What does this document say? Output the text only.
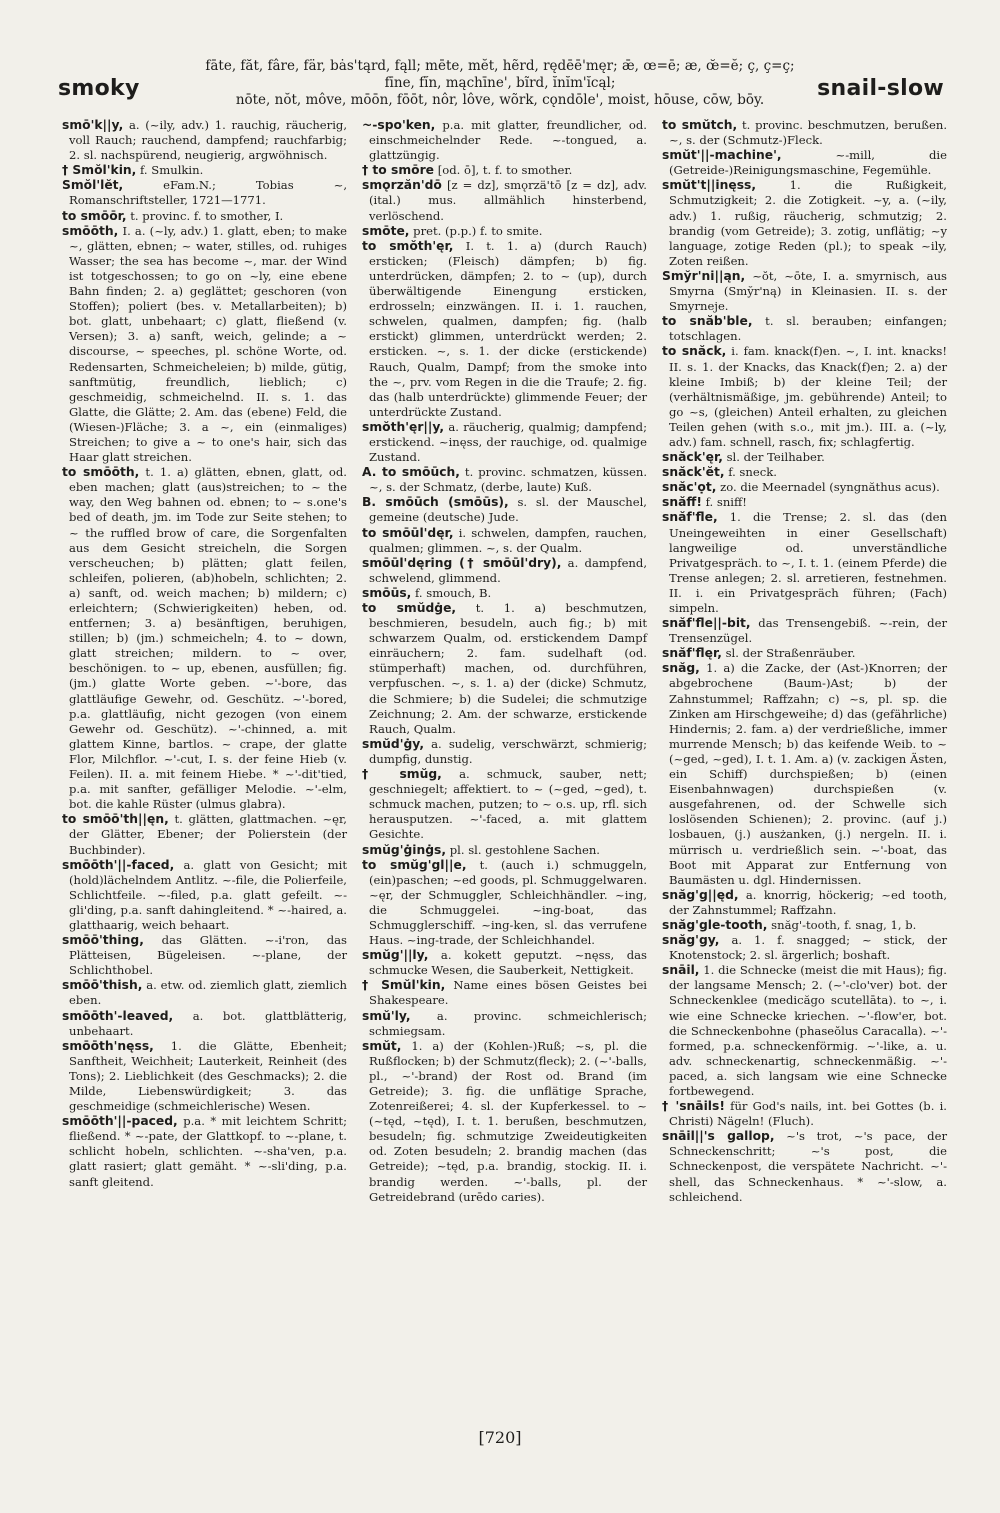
smoky
fāte, făt, fâre, fär, bȧs'tąrd, fąll; mēte, mĕt, hẽrd, rędēē'męr; ǣ, œ=ē; æ, œ̆=ĕ; ç, ç=ç;
fīne, fĭn, mąchīne', bĩrd, ĭnĭm'ĭcąl;
nōte, nŏt, môve, mōōn, fōōt, nôr, lôve, wõrk, cǫndōle', moist, hōuse, cōw, bōy.	snail-slow
smō'k||y, a. (~ily, adv.) 1. rauchig, räucherig, voll Rauch; rauchend, dampfend; rauchfarbig; 2. sl. nachspürend, neugierig, argwöhnisch.
† Smŏl'kin, f. Smulkin.
Smŏl'lĕt,	eFam.N.; Tobias ~, Romanschriftsteller, 1721—1771.
to smōōr, t. provinc. f. to smother, I.
smōōth, I. a. (~ly, adv.) 1. glatt, eben; to make ~, glätten, ebnen; ~ water, stilles, od. ruhiges Wasser; the sea has become ~, mar. der Wind ist totgeschossen; to go on ~ly, eine ebene Bahn finden; 2. a) geglättet; geschoren (von Stoffen); poliert (bes. v. Metallarbeiten); b) bot. glatt, unbehaart; c) glatt, fließend (v. Versen); 3. a) sanft, weich, gelinde; a ~ discourse, ~ speeches, pl. schöne Worte, od. Redensarten, Schmeicheleien; b) milde, gütig, sanftmütig, freundlich, lieblich; c) geschmeidig, schmeichelnd. II. s. 1. das Glatte, die Glätte; 2. Am. das (ebene) Feld, die (Wiesen-)Fläche; 3. a ~, ein (einmaliges) Streichen; to give a ~ to one's hair, sich das Haar glatt streichen.
to smōōth, t. 1. a) glätten, ebnen, glatt, od. eben machen; glatt (aus)streichen; to ~ the way, den Weg bahnen od. ebnen; to ~ s.one's bed of death, jm. im Tode zur Seite stehen; to ~ the ruffled brow of care, die Sorgenfalten aus dem Gesicht streicheln, die Sorgen verscheuchen; b) plätten; glatt feilen, schleifen, polieren, (ab)hobeln, schlichten; 2. a) sanft, od. weich machen; b) mildern; c) erleichtern; (Schwierigkeiten) heben, od. entfernen; 3. a) besänftigen, beruhigen, stillen; b) (jm.) schmeicheln; 4. to ~ down, glatt streichen; mildern. to ~ over, beschönigen. to ~ up, ebenen, ausfüllen; fig. (jm.) glatte Worte geben. ~'-bore, das glattläufige Gewehr, od. Geschütz. ~'-bored, p.a. glattläufig, nicht gezogen (von einem Gewehr od. Geschütz). ~'-chinned, a. mit glattem Kinne, bartlos. ~ crape, der glatte Flor, Milchflor. ~'-cut, I. s. der feine Hieb (v. Feilen). II. a. mit feinem Hiebe. * ~'-dit'tied, p.a. mit sanfter, gefälliger Melodie. ~'-elm, bot. die kahle Rüster (ulmus glabra).
to smōō'th||ęn, t. glätten, glattmachen. ~ęr, der Glätter, Ebener; der Polierstein (der Buchbinder).
smōōth'||-faced, a. glatt von Gesicht; mit (hold)lächelndem Antlitz. ~-file, die Polierfeile, Schlichtfeile. ~-filed, p.a. glatt gefeilt. ~-gli'ding, p.a. sanft dahingleitend. * ~-haired, a. glatthaarig, weich behaart.
smōō'thing, das Glätten. ~-i'ron, das Plätteisen, Bügeleisen. ~-plane, der Schlichthobel.
smōō'thish, a. etw. od. ziemlich glatt, ziemlich eben.
smōōth'-leaved, a. bot. glattblätterig, unbehaart.
smōōth'nęss, 1. die Glätte, Ebenheit; Sanftheit, Weichheit; Lauterkeit, Reinheit (des Tons); 2. Lieblichkeit (des Geschmacks); 2. die Milde, Liebenswürdigkeit; 3. das geschmeidige (schmeichlerische) Wesen.
smōōth'||-paced, p.a. * mit leichtem Schritt; fließend. * ~-pate, der Glattkopf. to ~-plane, t. schlicht hobeln, schlichten. ~-sha'ven, p.a. glatt rasiert; glatt gemäht. * ~-sli'ding, p.a. sanft gleitend.
~-spo'ken, p.a. mit glatter, freundlicher, od. einschmeichelnder Rede. ~-tongued, a. glattzüngig.
† to smōre [od. ō], t. f. to smother.
smǫrzăn'dō [z = dz], smǫrzä'tō [z = dz], adv. (ital.) mus. allmählich hinsterbend, verlöschend.
smōte, pret. (p.p.) f. to smite.
to smŏth'ęr, I. t. 1. a) (durch Rauch) ersticken; (Fleisch) dämpfen; b) fig. unterdrücken, dämpfen; 2. to ~ (up), durch überwältigende Einengung ersticken, erdrosseln; einzwängen. II. i. 1. rauchen, schwelen, qualmen, dampfen; fig. (halb erstickt) glimmen, unterdrückt werden; 2. ersticken. ~, s. 1. der dicke (erstickende) Rauch, Qualm, Dampf; from the smoke into the ~, prv. vom Regen in die die Traufe; 2. fig. das (halb unterdrückte) glimmende Feuer; der unterdrückte Zustand.
smŏth'ęr||y, a. räucherig, qualmig; dampfend; erstickend. ~inęss, der rauchige, od. qualmige Zustand.
A. to smōūch, t. provinc. schmatzen, küssen. ~, s. der Schmatz, (derbe, laute) Kuß.
B. smōūch (smōūs), s. sl. der Mauschel, gemeine (deutsche) Jude.
to smōūl'dęr, i. schwelen, dampfen, rauchen, qualmen; glimmen. ~, s. der Qualm.
smōūl'dęring († smōūl'dry), a. dampfend, schwelend, glimmend.
smōūs, f. smouch, B.
to smŭdġe, t. 1. a) beschmutzen, beschmieren, besudeln, auch fig.; b) mit schwarzem Qualm, od. erstickendem Dampf einräuchern; 2. fam. sudelhaft (od. stümperhaft) machen, od. durchführen, verpfuschen. ~, s. 1. a) der (dicke) Schmutz, die Schmiere; b) die Sudelei; die schmutzige Zeichnung; 2. Am. der schwarze, erstickende Rauch, Qualm.
smŭd'ġy, a. sudelig, verschwärzt, schmierig; dumpfig, dunstig.
† smŭg, a. schmuck, sauber, nett; geschniegelt; affektiert. to ~ (~ged, ~ged), t. schmuck machen, putzen; to ~ o.s. up, rfl. sich herausputzen. ~'-faced, a. mit glattem Gesichte.
smŭg'ġinġs, pl. sl. gestohlene Sachen.
to smŭg'gl||e, t. (auch i.) schmuggeln, (ein)paschen; ~ed goods, pl. Schmuggelwaren. ~ęr, der Schmuggler, Schleichhändler. ~ing, die Schmuggelei. ~ing-boat, das Schmugglerschiff. ~ing-ken, sl. das verrufene Haus. ~ing-trade, der Schleichhandel.
smŭg'||ly, a. kokett geputzt. ~nęss, das schmucke Wesen, die Sauberkeit, Nettigkeit.
† Smŭl'kin, Name eines bösen Geistes bei Shakespeare.
smŭ'ly, a. provinc. schmeichlerisch; schmiegsam.
smŭt, 1. a) der (Kohlen-)Ruß; ~s, pl. die Rußflocken; b) der Schmutz(fleck); 2. (~'-balls, pl., ~'-brand) der Rost od. Brand (im Getreide); 3. fig. die unflätige Sprache, Zotenreißerei; 4. sl. der Kupferkessel. to ~ (~tęd, ~tęd), I. t. 1. berußen, beschmutzen, besudeln; fig. schmutzige Zweideutigkeiten od. Zoten besudeln; 2. brandig machen (das Getreide); ~tęd, p.a. brandig, stockig. II. i. brandig werden. ~'-balls, pl. der Getreidebrand (urēdo caries).
to smŭtch, t. provinc. beschmutzen, berußen. ~, s. der (Schmutz-)Fleck.
smŭt'||-machine',	~-mill, die (Getreide-)Reinigungsmaschine, Fegemühle.
smŭt't||inęss,	1. die Rußigkeit, Schmutzigkeit; 2. die Zotigkeit. ~y, a. (~ily, adv.) 1. rußig, räucherig, schmutzig; 2. brandig (vom Getreide); 3. zotig, unflätig; ~y language, zotige Reden (pl.); to speak ~ily, Zoten reißen.
Smy̆r'ni||ąn, ~ŏt, ~ōte, I. a. smyrnisch, aus Smyrna (Smy̆r'ną) in Kleinasien. II. s. der Smyrneje.
to snăb'ble, t. sl. berauben; einfangen; totschlagen.
to snăck, i. fam. knack(f)en. ~, I. int. knacks! II. s. 1. der Knacks, das Knack(f)en; 2. a) der kleine Imbiß; b) der kleine Teil; der (verhältnismäßige, jm. gebührende) Anteil; to go ~s, (gleichen) Anteil erhalten, zu gleichen Teilen gehen (with s.o., mit jm.). III. a. (~ly, adv.) fam. schnell, rasch, fix; schlagfertig.
snăck'ęr, sl. der Teilhaber.
snăck'ĕt, f. sneck.
snăc'ọt, zo. die Meernadel (syngnăthus acus).
snăff! f. sniff!
snăf'fle, 1. die Trense; 2. sl. das (den Uneingeweihten in einer Gesellschaft) langweilige od. unverständliche Privatgespräch. to ~, I. t. 1. (einem Pferde) die Trense anlegen; 2. sl. arretieren, festnehmen. II. i. ein Privatgespräch führen; (Fach) simpeln.
snăf'fle||-bit, das Trensengebiß. ~-rein, der Trensenzügel.
snăf'flęr, sl. der Straßenräuber.
snăg, 1. a) die Zacke, der (Ast-)Knorren; der abgebrochene (Baum-)Ast; b) der Zahnstummel; Raffzahn; c) ~s, pl. sp. die Zinken am Hirschgeweihe; d) das (gefährliche) Hindernis; 2. fam. a) der verdrießliche, immer murrende Mensch; b) das keifende Weib. to ~ (~ged, ~ged), I. t. 1. Am. a) (v. zackigen Ästen, ein Schiff) durchspießen; b) (einen Eisenbahnwagen) durchspießen (v. ausgefahrenen, od. der Schwelle sich loslösenden Schienen); 2. provinc. (auf j.) losbauen, (j.) ausżanken, (j.) nergeln. II. i. mürrisch u. verdrießlich sein. ~'-boat, das Boot mit Apparat zur Entfernung von Baumästen u. dgl. Hindernissen.
snăg'g||ęd, a. knorrig, höckerig; ~ed tooth, der Zahnstummel; Raffzahn.
snăg'gle-tooth, snăg'-tooth, f. snag, 1, b.
snăg'gy, a. 1. f. snagged; ~ stick, der Knotenstock; 2. sl. ärgerlich; boshaft.
snāil, 1. die Schnecke (meist die mit Haus); fig. der langsame Mensch; 2. (~'-clo'ver) bot. der Schneckenklee (medicăgo scutellāta). to ~, i. wie eine Schnecke kriechen. ~'-flow'er, bot. die Schneckenbohne (phaseŏlus Caracalla). ~'-formed, p.a. schneckenförmig. ~'-like, a. u. adv. schneckenartig, schneckenmäßig. ~'-paced, a. sich langsam wie eine Schnecke fortbewegend.
† 'snāils! für God's nails, int. bei Gottes (b. i. Christi) Nägeln! (Fluch).
snāil||'s gallop, ~'s trot, ~'s pace, der Schneckenschritt; ~'s post, die Schneckenpost, die verspätete Nachricht. ~'-shell, das Schneckenhaus. * ~'-slow, a. schleichend.
[720]
